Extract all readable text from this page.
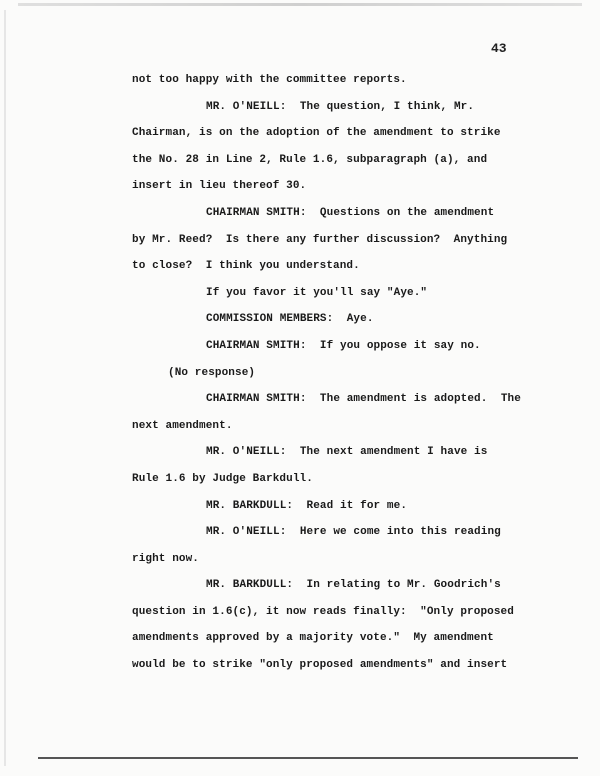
43
not too happy with the committee reports.
MR. O'NEILL:  The question, I think, Mr.
Chairman, is on the adoption of the amendment to strike
the No. 28 in Line 2, Rule 1.6, subparagraph (a), and
insert in lieu thereof 30.
CHAIRMAN SMITH:  Questions on the amendment
by Mr. Reed?  Is there any further discussion?  Anything
to close?  I think you understand.
If you favor it you'll say "Aye."
COMMISSION MEMBERS:  Aye.
CHAIRMAN SMITH:  If you oppose it say no.
(No response)
CHAIRMAN SMITH:  The amendment is adopted.  The
next amendment.
MR. O'NEILL:  The next amendment I have is
Rule 1.6 by Judge Barkdull.
MR. BARKDULL:  Read it for me.
MR. O'NEILL:  Here we come into this reading
right now.
MR. BARKDULL:  In relating to Mr. Goodrich's
question in 1.6(c), it now reads finally:  "Only proposed
amendments approved by a majority vote."  My amendment
would be to strike "only proposed amendments" and insert
